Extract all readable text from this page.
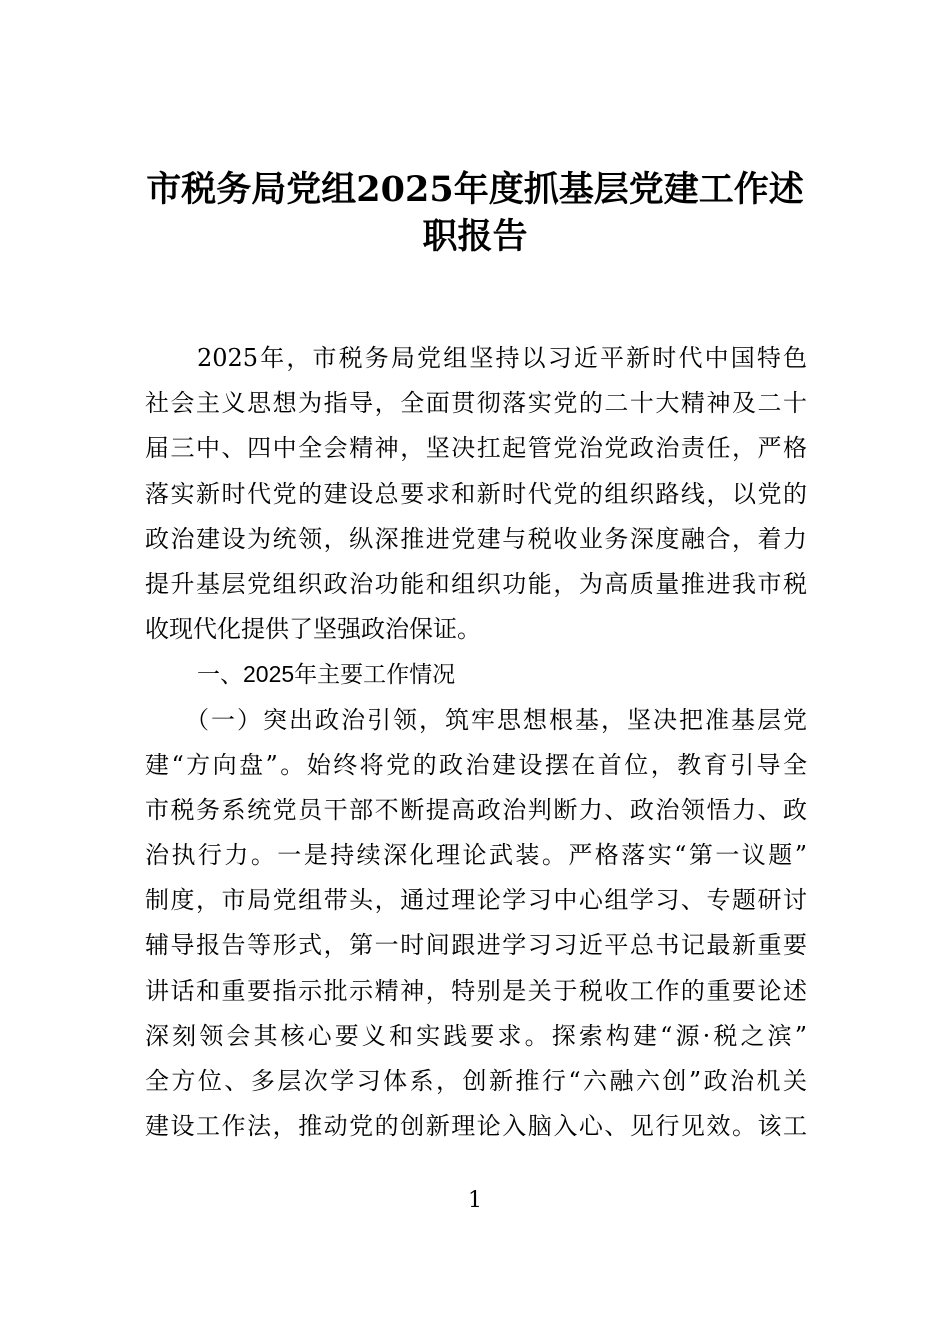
市税务局党组2025年度抓基层党建工作述
职报告
2025年，市税务局党组坚持以习近平新时代中国特色
社会主义思想为指导，全面贯彻落实党的二十大精神及二十
届三中、四中全会精神，坚决扛起管党治党政治责任，严格
落实新时代党的建设总要求和新时代党的组织路线，以党的
政治建设为统领，纵深推进党建与税收业务深度融合，着力
提升基层党组织政治功能和组织功能，为高质量推进我市税
收现代化提供了坚强政治保证。
一、2025年主要工作情况
（一）突出政治引领，筑牢思想根基，坚决把准基层党
建“方向盘”。始终将党的政治建设摆在首位，教育引导全
市税务系统党员干部不断提高政治判断力、政治领悟力、政
治执行力。一是持续深化理论武装。严格落实“第一议题”
制度，市局党组带头，通过理论学习中心组学习、专题研讨
辅导报告等形式，第一时间跟进学习习近平总书记最新重要
讲话和重要指示批示精神，特别是关于税收工作的重要论述
深刻领会其核心要义和实践要求。探索构建“源·税之滨”
全方位、多层次学习体系，创新推行“六融六创”政治机关
建设工作法，推动党的创新理论入脑入心、见行见效。该工
1
